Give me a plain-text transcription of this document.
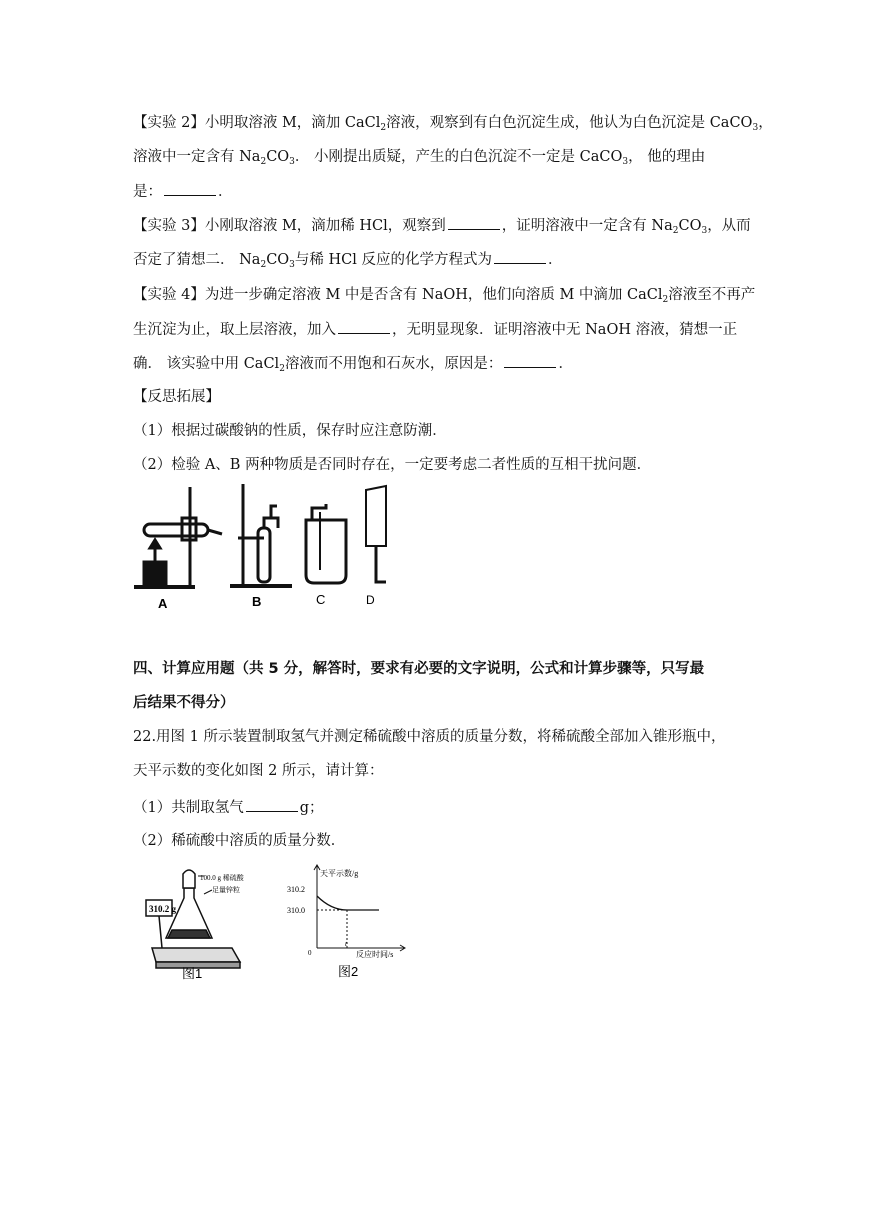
【实验 2】小明取溶液 M，滴加 CaCl$_2$溶液，观察到有白色沉淀生成，他认为白色沉淀是 CaCO$_3$，
溶液中一定含有 $Na_2CO_3$． 小刚提出质疑，产生的白色沉淀不一定是 CaCO$_3$， 他的理由
是：	．
【实验 3】小刚取溶液 M，滴加稀 HCl，观察到	，证明溶液中一定含有 $Na_2CO_3$，从而
否定了猜想二． $Na_2CO_3$与稀 HCl 反应的化学方程式为	．
【实验 4】为进一步确定溶液 M 中是否含有 NaOH，他们向溶质 M 中滴加 CaCl$_2$溶液至不再产
生沉淀为止，取上层溶液，加入	，无明显现象．证明溶液中无 NaOH 溶液，猜想一正
确． 该实验中用 CaCl$_2$溶液而不用饱和石灰水，原因是：	．
【反思拓展】
（1）根据过碳酸钠的性质，保存时应注意防潮．
（2）检验 A、B 两种物质是否同时存在，一定要考虑二者性质的互相干扰问题．
A	B	C	D
四、计算应用题（共 5 分，解答时，要求有必要的文字说明，公式和计算步骤等，只写最
后结果不得分）
22.用图 1 所示装置制取氢气并测定稀硫酸中溶质的质量分数，将稀硫酸全部加入锥形瓶中，
天平示数的变化如图 2 所示，请计算：
（1）共制取氢气	g；
（2）稀硫酸中溶质的质量分数．
310.2 g
100.0 g 稀硫酸
足量锌粒
图1
天平示数/g
310.2
310.0
0
t
反应时间/s
图2
